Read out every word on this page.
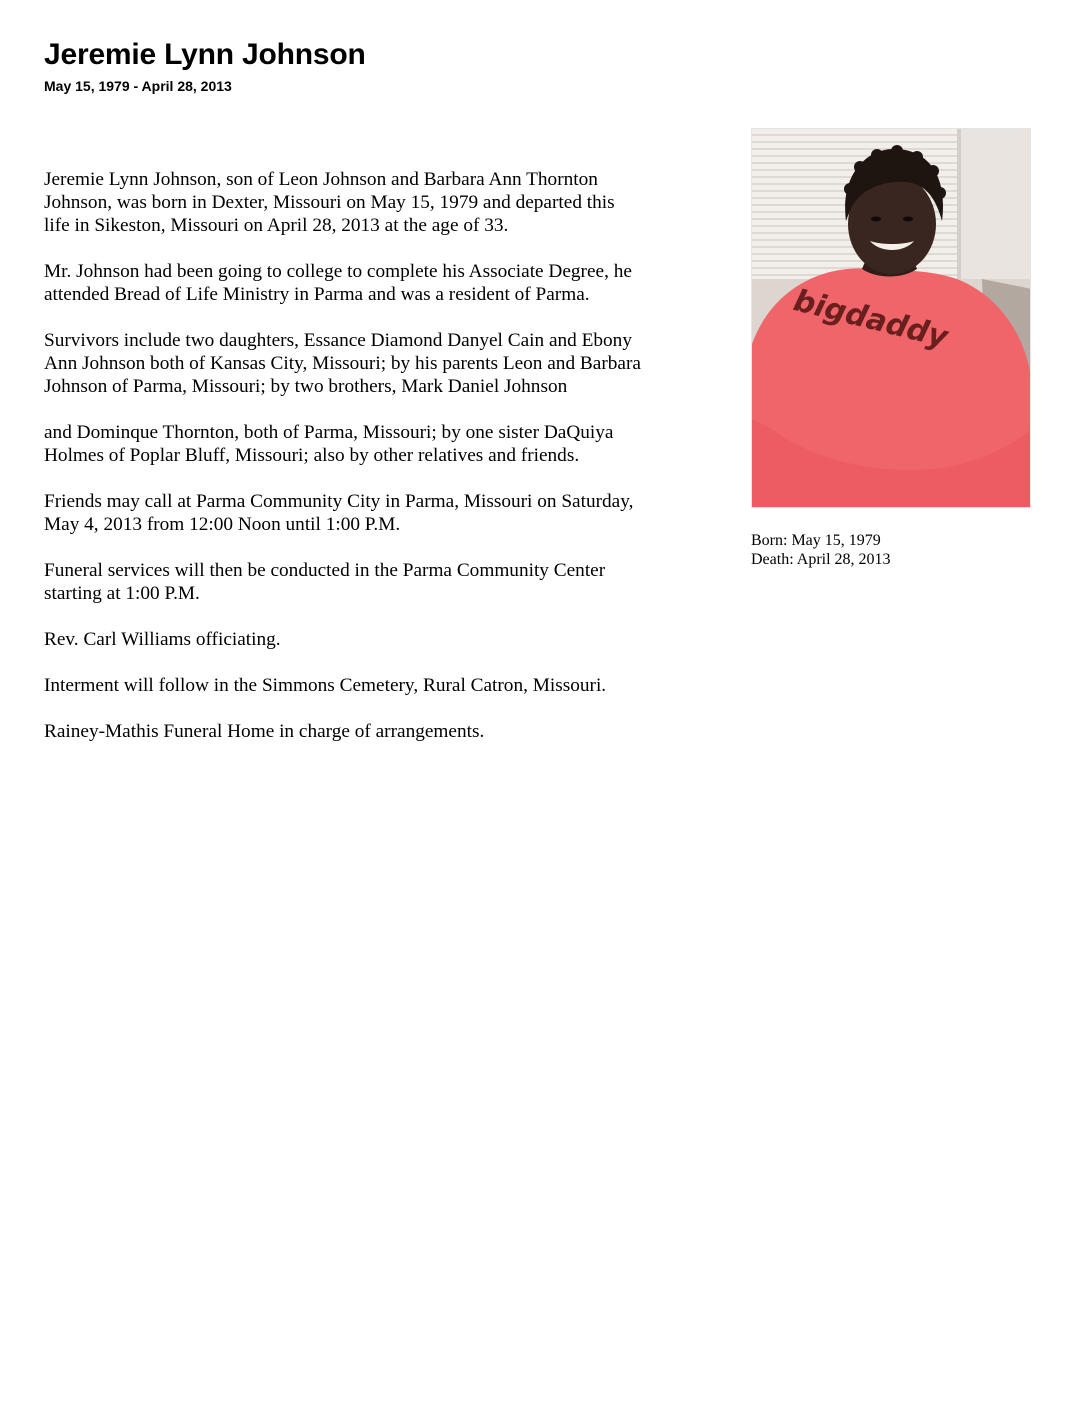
Jeremie Lynn Johnson
May 15, 1979 - April 28, 2013

Jeremie Lynn Johnson, son of Leon Johnson and Barbara Ann Thornton
Johnson, was born in Dexter, Missouri on May 15, 1979 and departed this
life in Sikeston, Missouri on April 28, 2013 at the age of 33.

Mr. Johnson had been going to college to complete his Associate Degree, he
attended Bread of Life Ministry in Parma and was a resident of Parma.

Survivors include two daughters, Essance Diamond Danyel Cain and Ebony
Ann Johnson both of Kansas City, Missouri; by his parents Leon and Barbara
Johnson of Parma, Missouri; by two brothers, Mark Daniel Johnson

and Dominque Thornton, both of Parma, Missouri; by one sister DaQuiya
Holmes of Poplar Bluff, Missouri; also by other relatives and friends.

Friends may call at Parma Community City in Parma, Missouri on Saturday,
May 4, 2013 from 12:00 Noon until 1:00 P.M.

Funeral services will then be conducted in the Parma Community Center
starting at 1:00 P.M.

Rev. Carl Williams officiating.

Interment will follow in the Simmons Cemetery, Rural Catron, Missouri.

Rainey-Mathis Funeral Home in charge of arrangements.

bigdaddy
Born: May 15, 1979
Death: April 28, 2013
